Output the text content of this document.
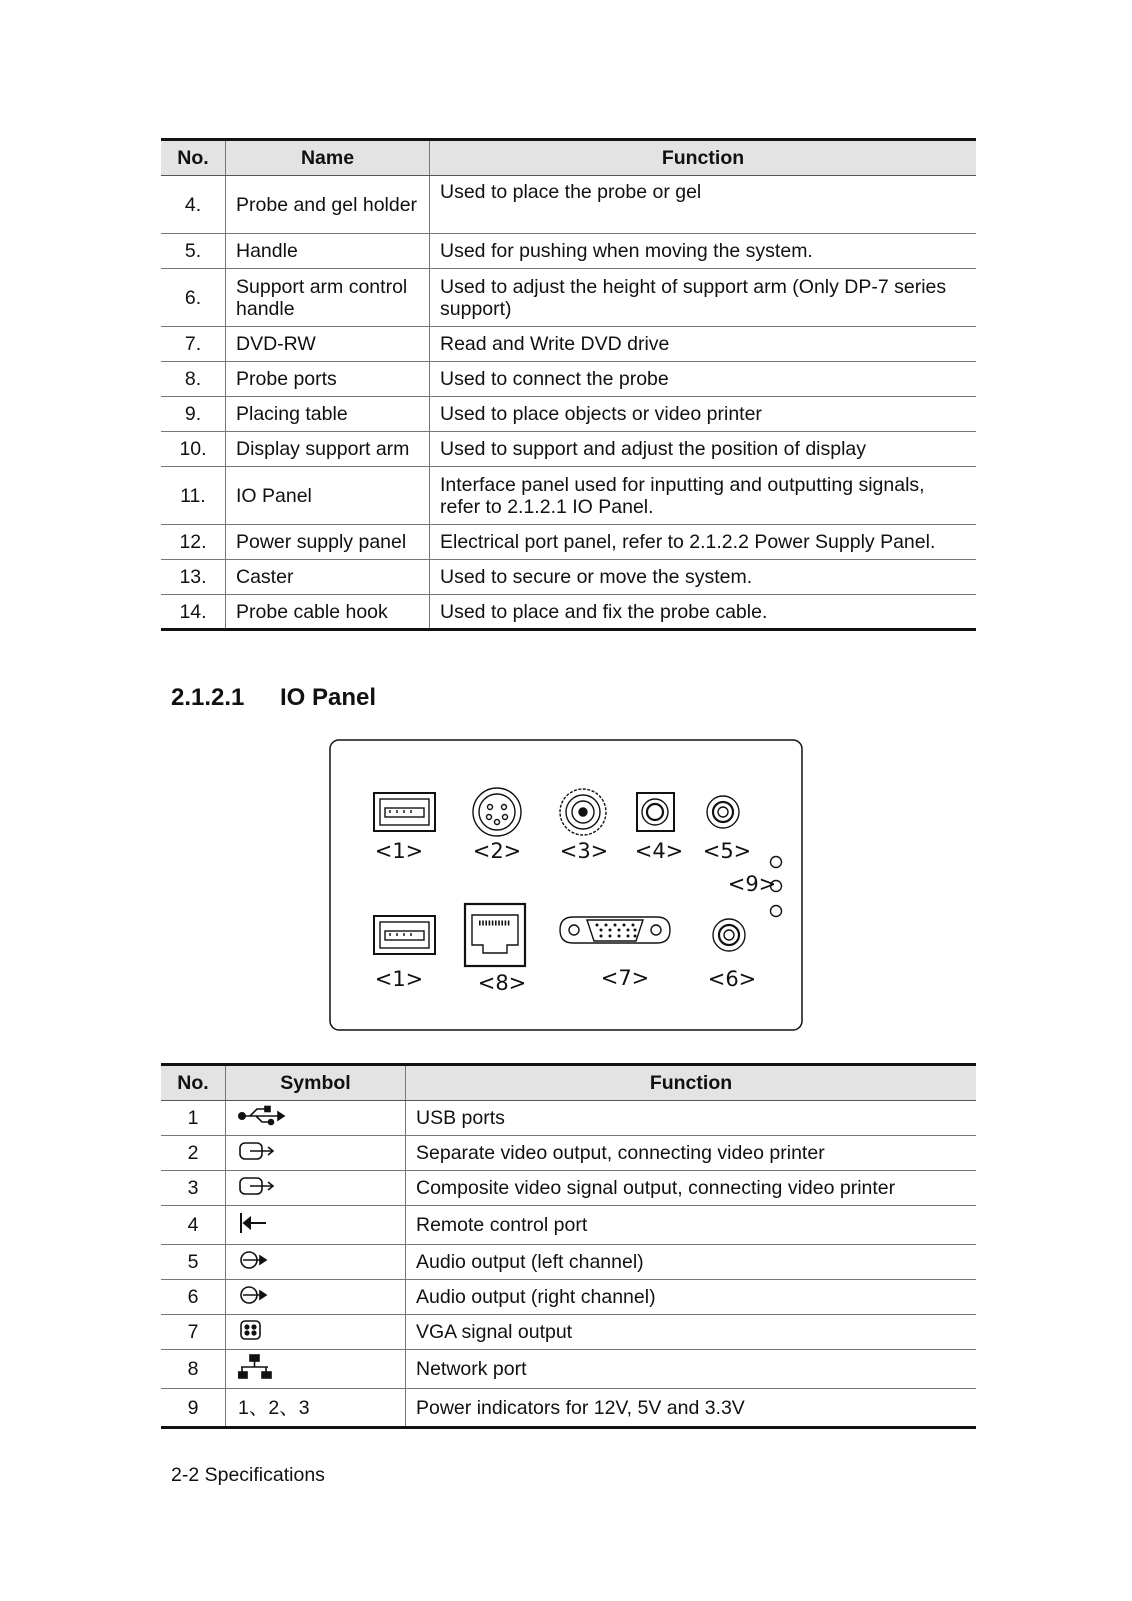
No.	Name	Function
4.	Probe and gel holder	Used to place the probe or gel
5.	Handle	Used for pushing when moving the system.
6.	Support arm control handle	Used to adjust the height of support arm (Only DP-7 series support)
7.	DVD-RW	Read and Write DVD drive
8.	Probe ports	Used to connect the probe
9.	Placing table	Used to place objects or video printer
10.	Display support arm	Used to support and adjust the position of display
11.	IO Panel	Interface panel used for inputting and outputting signals, refer to 2.1.2.1 IO Panel.
12.	Power supply panel	Electrical port panel, refer to 2.1.2.2 Power Supply Panel.
13.	Caster	Used to secure or move the system.
14.	Probe cable hook	Used to place and fix the probe cable.
2.1.2.1 IO Panel
<1> <2> <3> <4> <5>
<9>
<1>	<8>	<7>	<6>
No.	Symbol	Function
1		USB ports
2		Separate video output, connecting video printer
3		Composite video signal output, connecting video printer
4		Remote control port
5		Audio output (left channel)
6		Audio output (right channel)
7		VGA signal output
8		Network port
9	1、2、3	Power indicators for 12V, 5V and 3.3V
2-2 Specifications
